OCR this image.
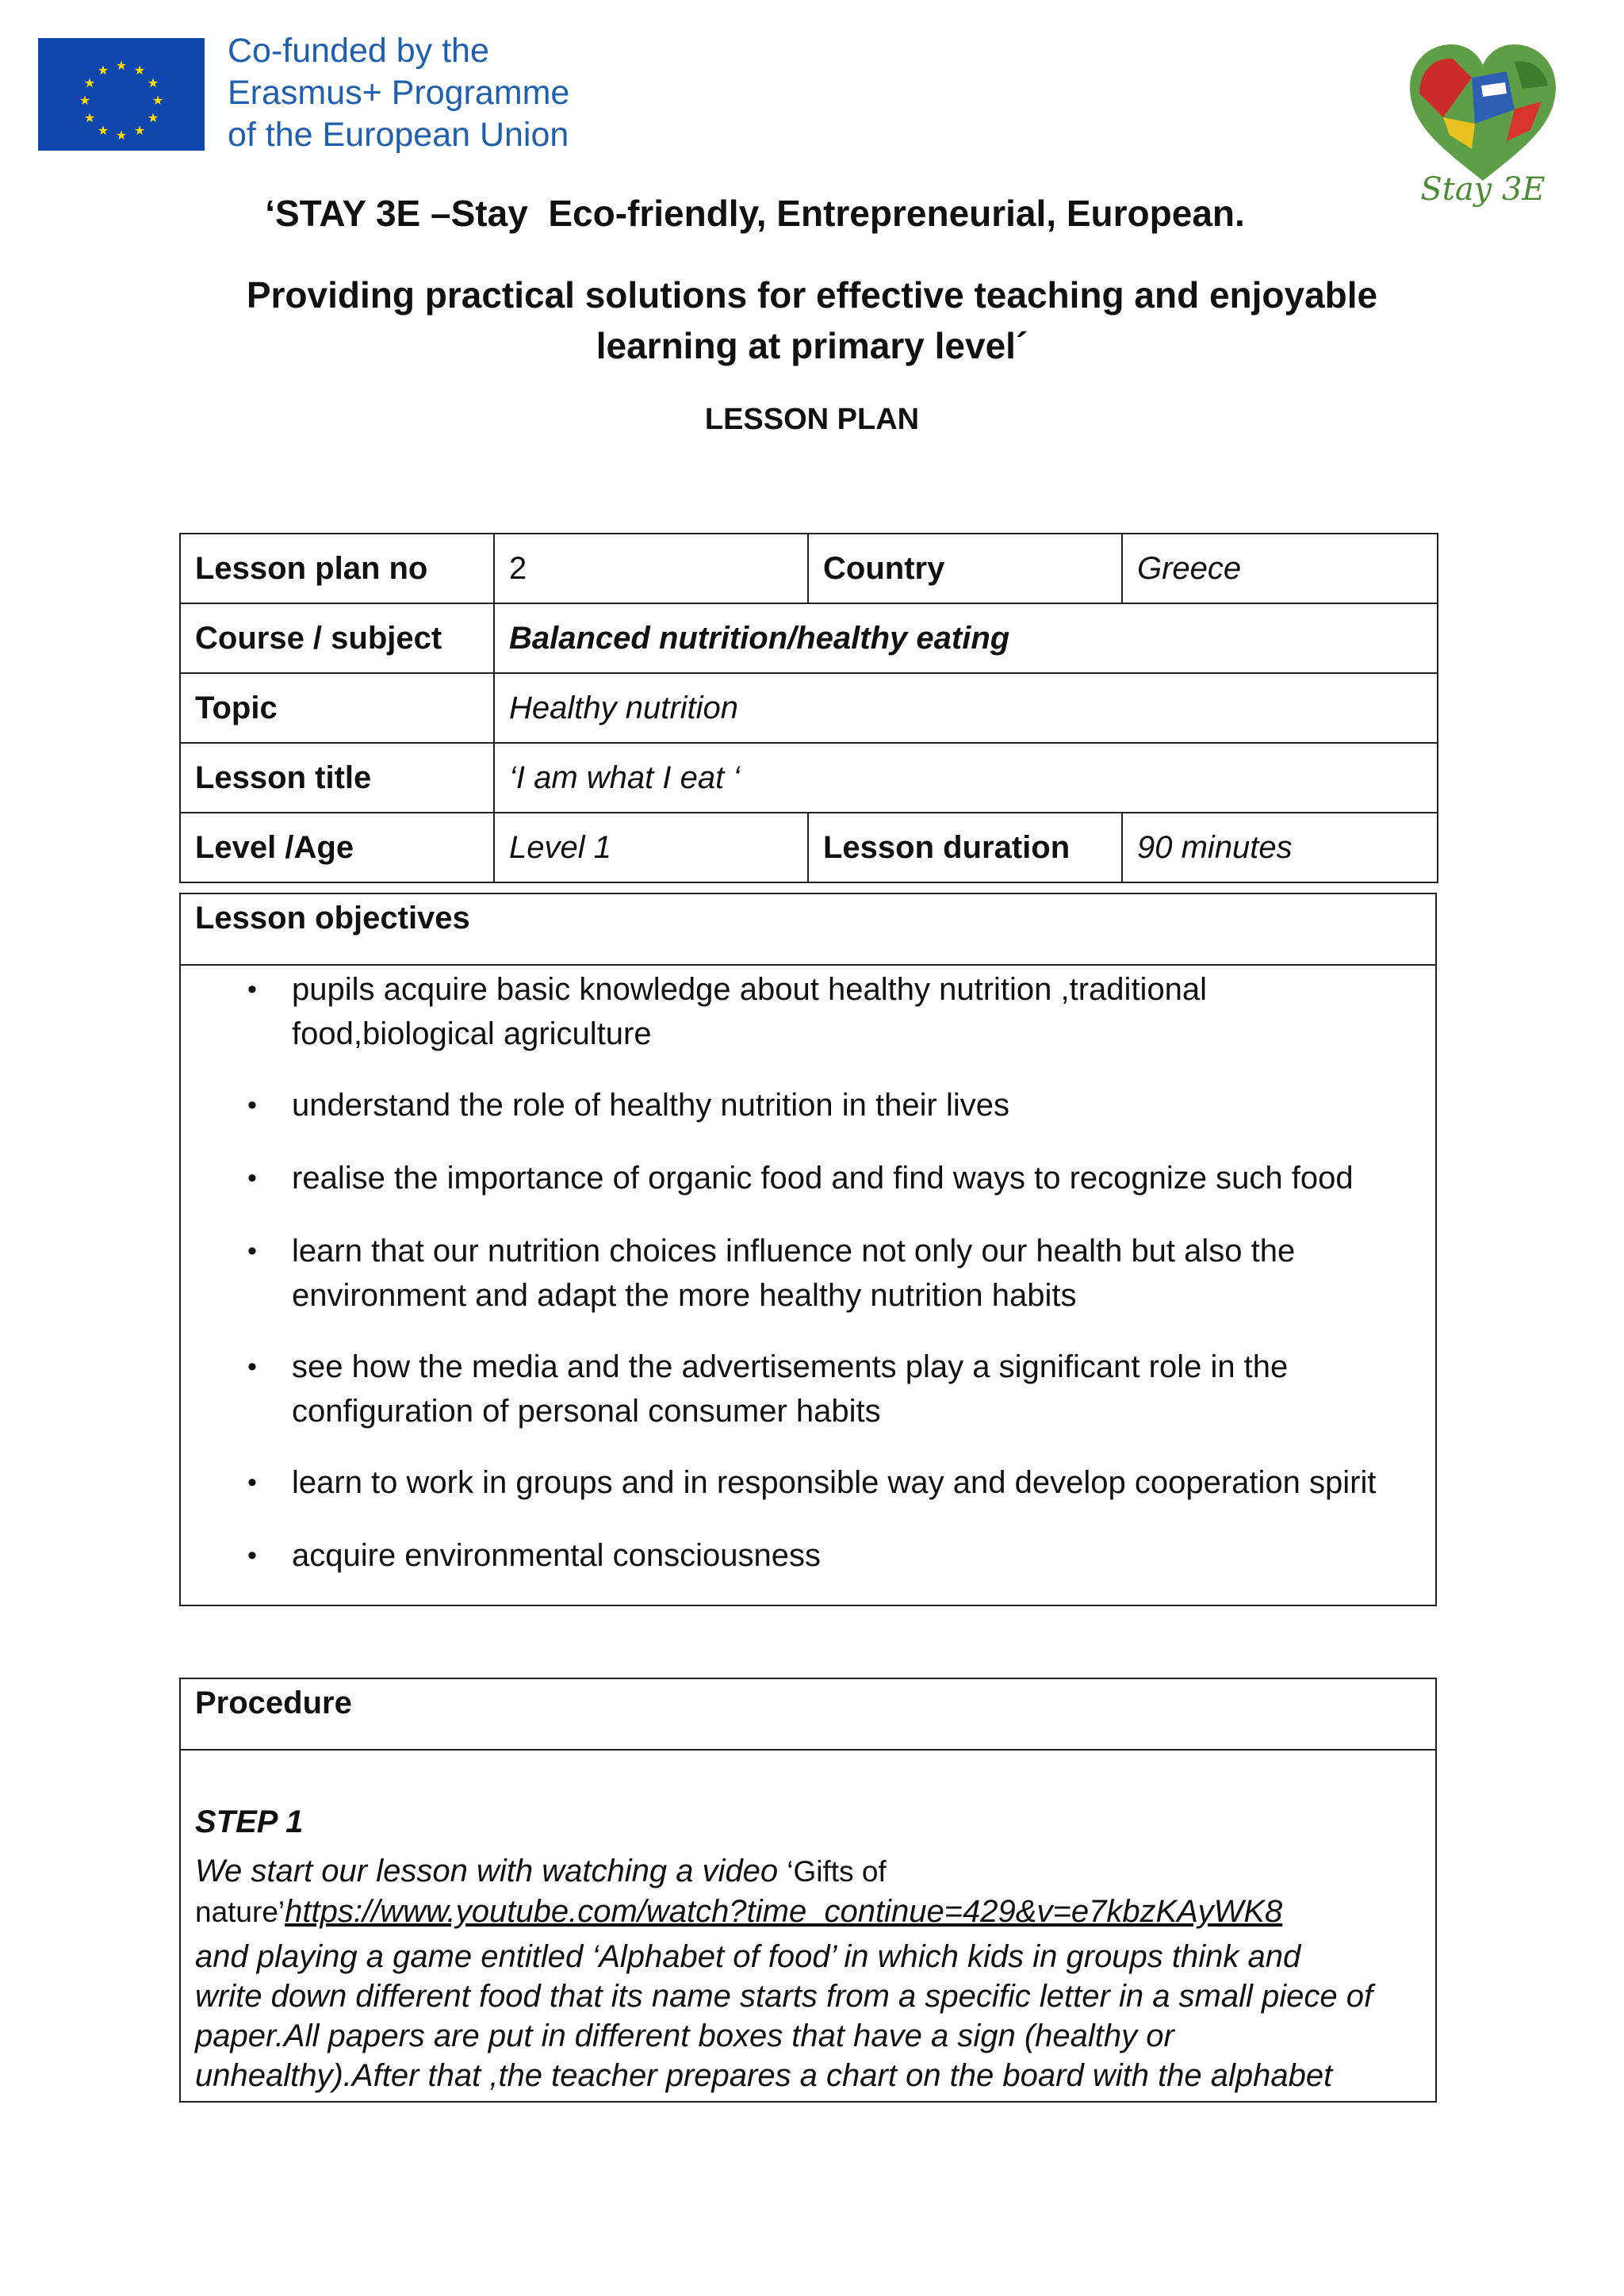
★ ★
★
★
★
★
★
★
★
★
★
★
Co-funded by the
Erasmus+ Programme
of the European Union
Stay 3E
‘STAY 3E –Stay  Eco-friendly, Entrepreneurial, European.
Providing practical solutions for effective teaching and enjoyable
learning at primary level´
LESSON PLAN
Lesson plan no	2	Country	Greece
Course / subject	Balanced nutrition/healthy eating		
Topic	Healthy nutrition		
Lesson title	‘I am what I eat ‘		
Level /Age	Level 1	Lesson duration	90 minutes
Lesson objectives
• pupils acquire basic knowledge about healthy nutrition ,traditional
food,biological agriculture
• understand the role of healthy nutrition in their lives
• realise the importance of organic food and find ways to recognize such food
• learn that our nutrition choices influence not only our health but also the
environment and adapt the more healthy nutrition habits
• see how the media and the advertisements play a significant role in the
configuration of personal consumer habits
• learn to work in groups and in responsible way and develop cooperation spirit
• acquire environmental consciousness
Procedure
STEP 1
We start our lesson with watching a video ‘Gifts of
nature’https://www.youtube.com/watch?time_continue=429&v=e7kbzKAyWK8
and playing a game entitled ‘Alphabet of food’ in which kids in groups think and
write down different food that its name starts from a specific letter in a small piece of
paper.All papers are put in different boxes that have a sign (healthy or
unhealthy).After that ,the teacher prepares a chart on the board with the alphabet
